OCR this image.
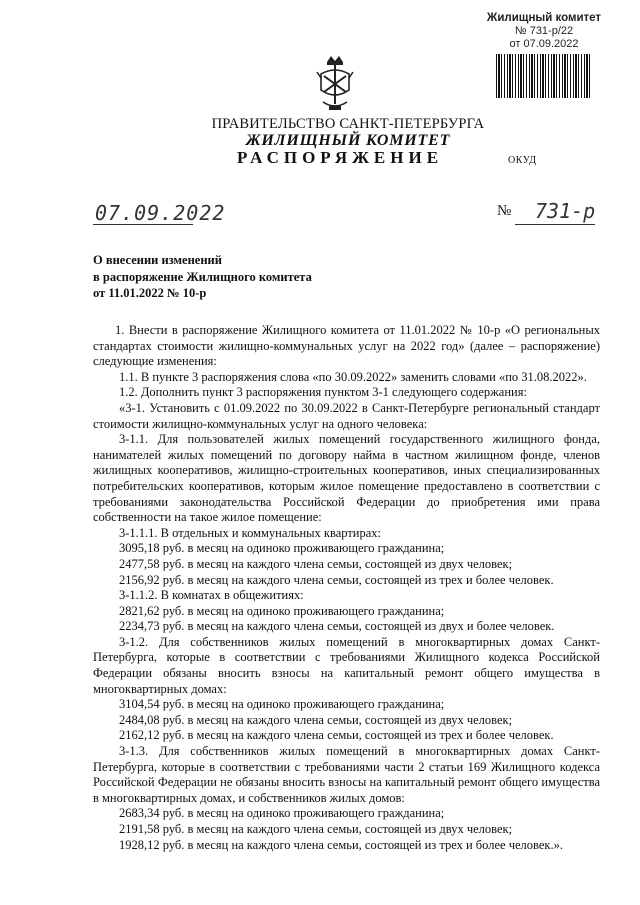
Жилищный комитет
№ 731-р/22
от 07.09.2022
ПРАВИТЕЛЬСТВО САНКТ-ПЕТЕРБУРГА
ЖИЛИЩНЫЙ КОМИТЕТ
РАСПОРЯЖЕНИЕ	ОКУД
07.09.2022	№ 731-р
О внесении изменений
в распоряжение Жилищного комитета
от 11.01.2022 № 10-р

1. Внести в распоряжение Жилищного комитета от 11.01.2022 № 10-р «О региональных стандартах стоимости жилищно-коммунальных услуг на 2022 год» (далее – распоряжение) следующие изменения:

1.1. В пункте 3 распоряжения слова «по 30.09.2022» заменить словами «по 31.08.2022».

1.2. Дополнить пункт 3 распоряжения пунктом 3-1 следующего содержания:

«3-1. Установить с 01.09.2022 по 30.09.2022 в Санкт-Петербурге региональный стандарт стоимости жилищно-коммунальных услуг на одного человека:

3-1.1. Для пользователей жилых помещений государственного жилищного фонда, нанимателей жилых помещений по договору найма в частном жилищном фонде, членов жилищных кооперативов, жилищно-строительных кооперативов, иных специализированных потребительских кооперативов, которым жилое помещение предоставлено в соответствии с требованиями законодательства Российской Федерации до приобретения ими права собственности на такое жилое помещение:

3-1.1.1. В отдельных и коммунальных квартирах:

3095,18 руб. в месяц на одиноко проживающего гражданина;

2477,58 руб. в месяц на каждого члена семьи, состоящей из двух человек;

2156,92 руб. в месяц на каждого члена семьи, состоящей из трех и более человек.

3-1.1.2. В комнатах в общежитиях:

2821,62 руб. в месяц на одиноко проживающего гражданина;

2234,73 руб. в месяц на каждого члена семьи, состоящей из двух и более человек.

3-1.2. Для собственников жилых помещений в многоквартирных домах Санкт-Петербурга, которые в соответствии с требованиями Жилищного кодекса Российской Федерации обязаны вносить взносы на капитальный ремонт общего имущества в многоквартирных домах:

3104,54 руб. в месяц на одиноко проживающего гражданина;

2484,08 руб. в месяц на каждого члена семьи, состоящей из двух человек;

2162,12 руб. в месяц на каждого члена семьи, состоящей из трех и более человек.

3-1.3. Для собственников жилых помещений в многоквартирных домах Санкт-Петербурга, которые в соответствии с требованиями части 2 статьи 169 Жилищного кодекса Российской Федерации не обязаны вносить взносы на капитальный ремонт общего имущества в многоквартирных домах, и собственников жилых домов:

2683,34 руб. в месяц на одиноко проживающего гражданина;

2191,58 руб. в месяц на каждого члена семьи, состоящей из двух человек;

1928,12 руб. в месяц на каждого члена семьи, состоящей из трех и более человек.».
